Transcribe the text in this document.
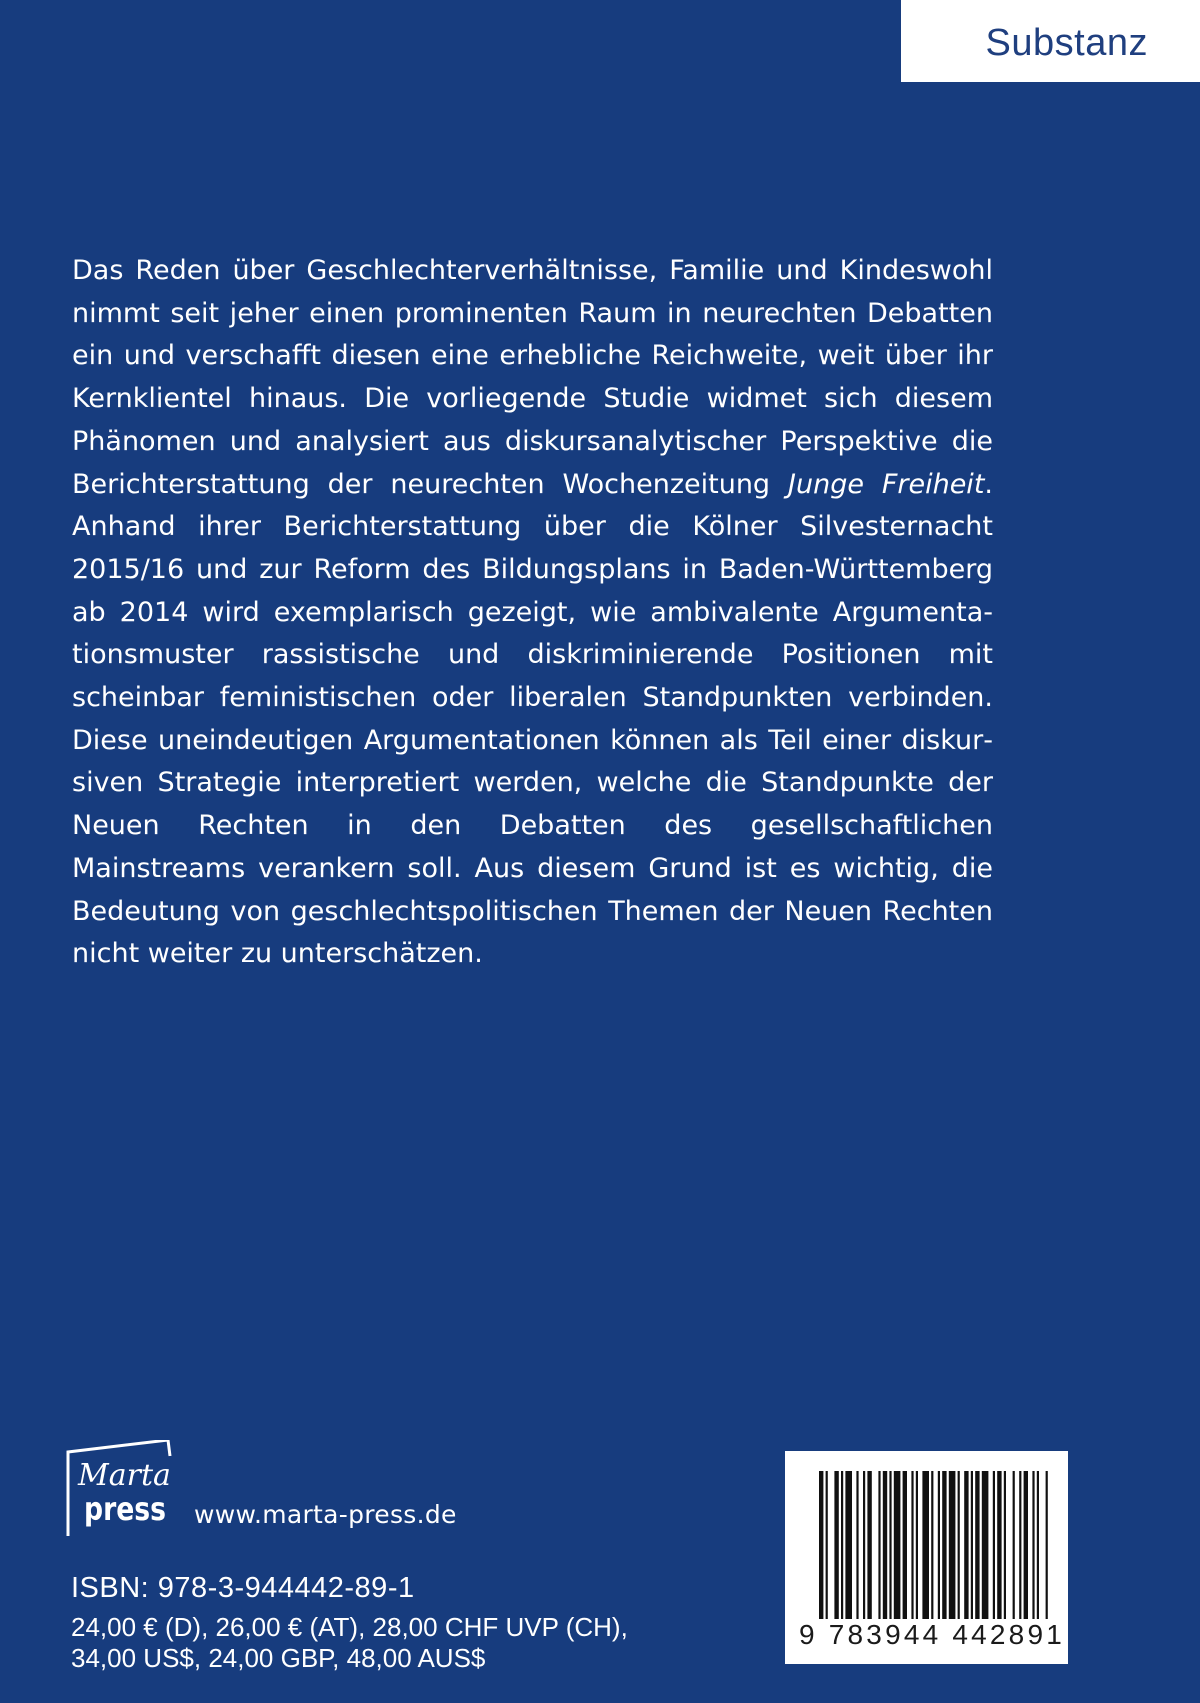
Substanz

Das Reden über Geschlechterverhältnisse, Familie und Kindeswohl nimmt seit jeher einen prominenten Raum in neurechten Debatten ein und verschafft diesen eine erhebliche Reichweite, weit über ihr Kernklientel hinaus. Die vorliegende Studie widmet sich diesem Phänomen und analysiert aus diskursanalytischer Perspektive die Berichterstattung der neurechten Wochenzeitung Junge Freiheit. Anhand ihrer Berichterstattung über die Kölner Silvesternacht 2015/16 und zur Reform des Bildungsplans in Baden-Württemberg ab 2014 wird exemplarisch gezeigt, wie ambivalente Argumentationsmuster rassistische und diskriminierende Positionen mit scheinbar feministischen oder liberalen Standpunkten verbinden. Diese uneindeutigen Argumentationen können als Teil einer diskursiven Strategie interpretiert werden, welche die Standpunkte der Neuen Rechten in den Debatten des gesellschaftlichen Mainstreams verankern soll. Aus diesem Grund ist es wichtig, die Bedeutung von geschlechtspolitischen Themen der Neuen Rechten nicht weiter zu unterschätzen.

Marta
press www.marta-press.de
ISBN: 978-3-944442-89-1
24,00 € (D), 26,00 € (AT), 28,00 CHF UVP (CH),
34,00 US$, 24,00 GBP, 48,00 AUS$
9 783944 442891
